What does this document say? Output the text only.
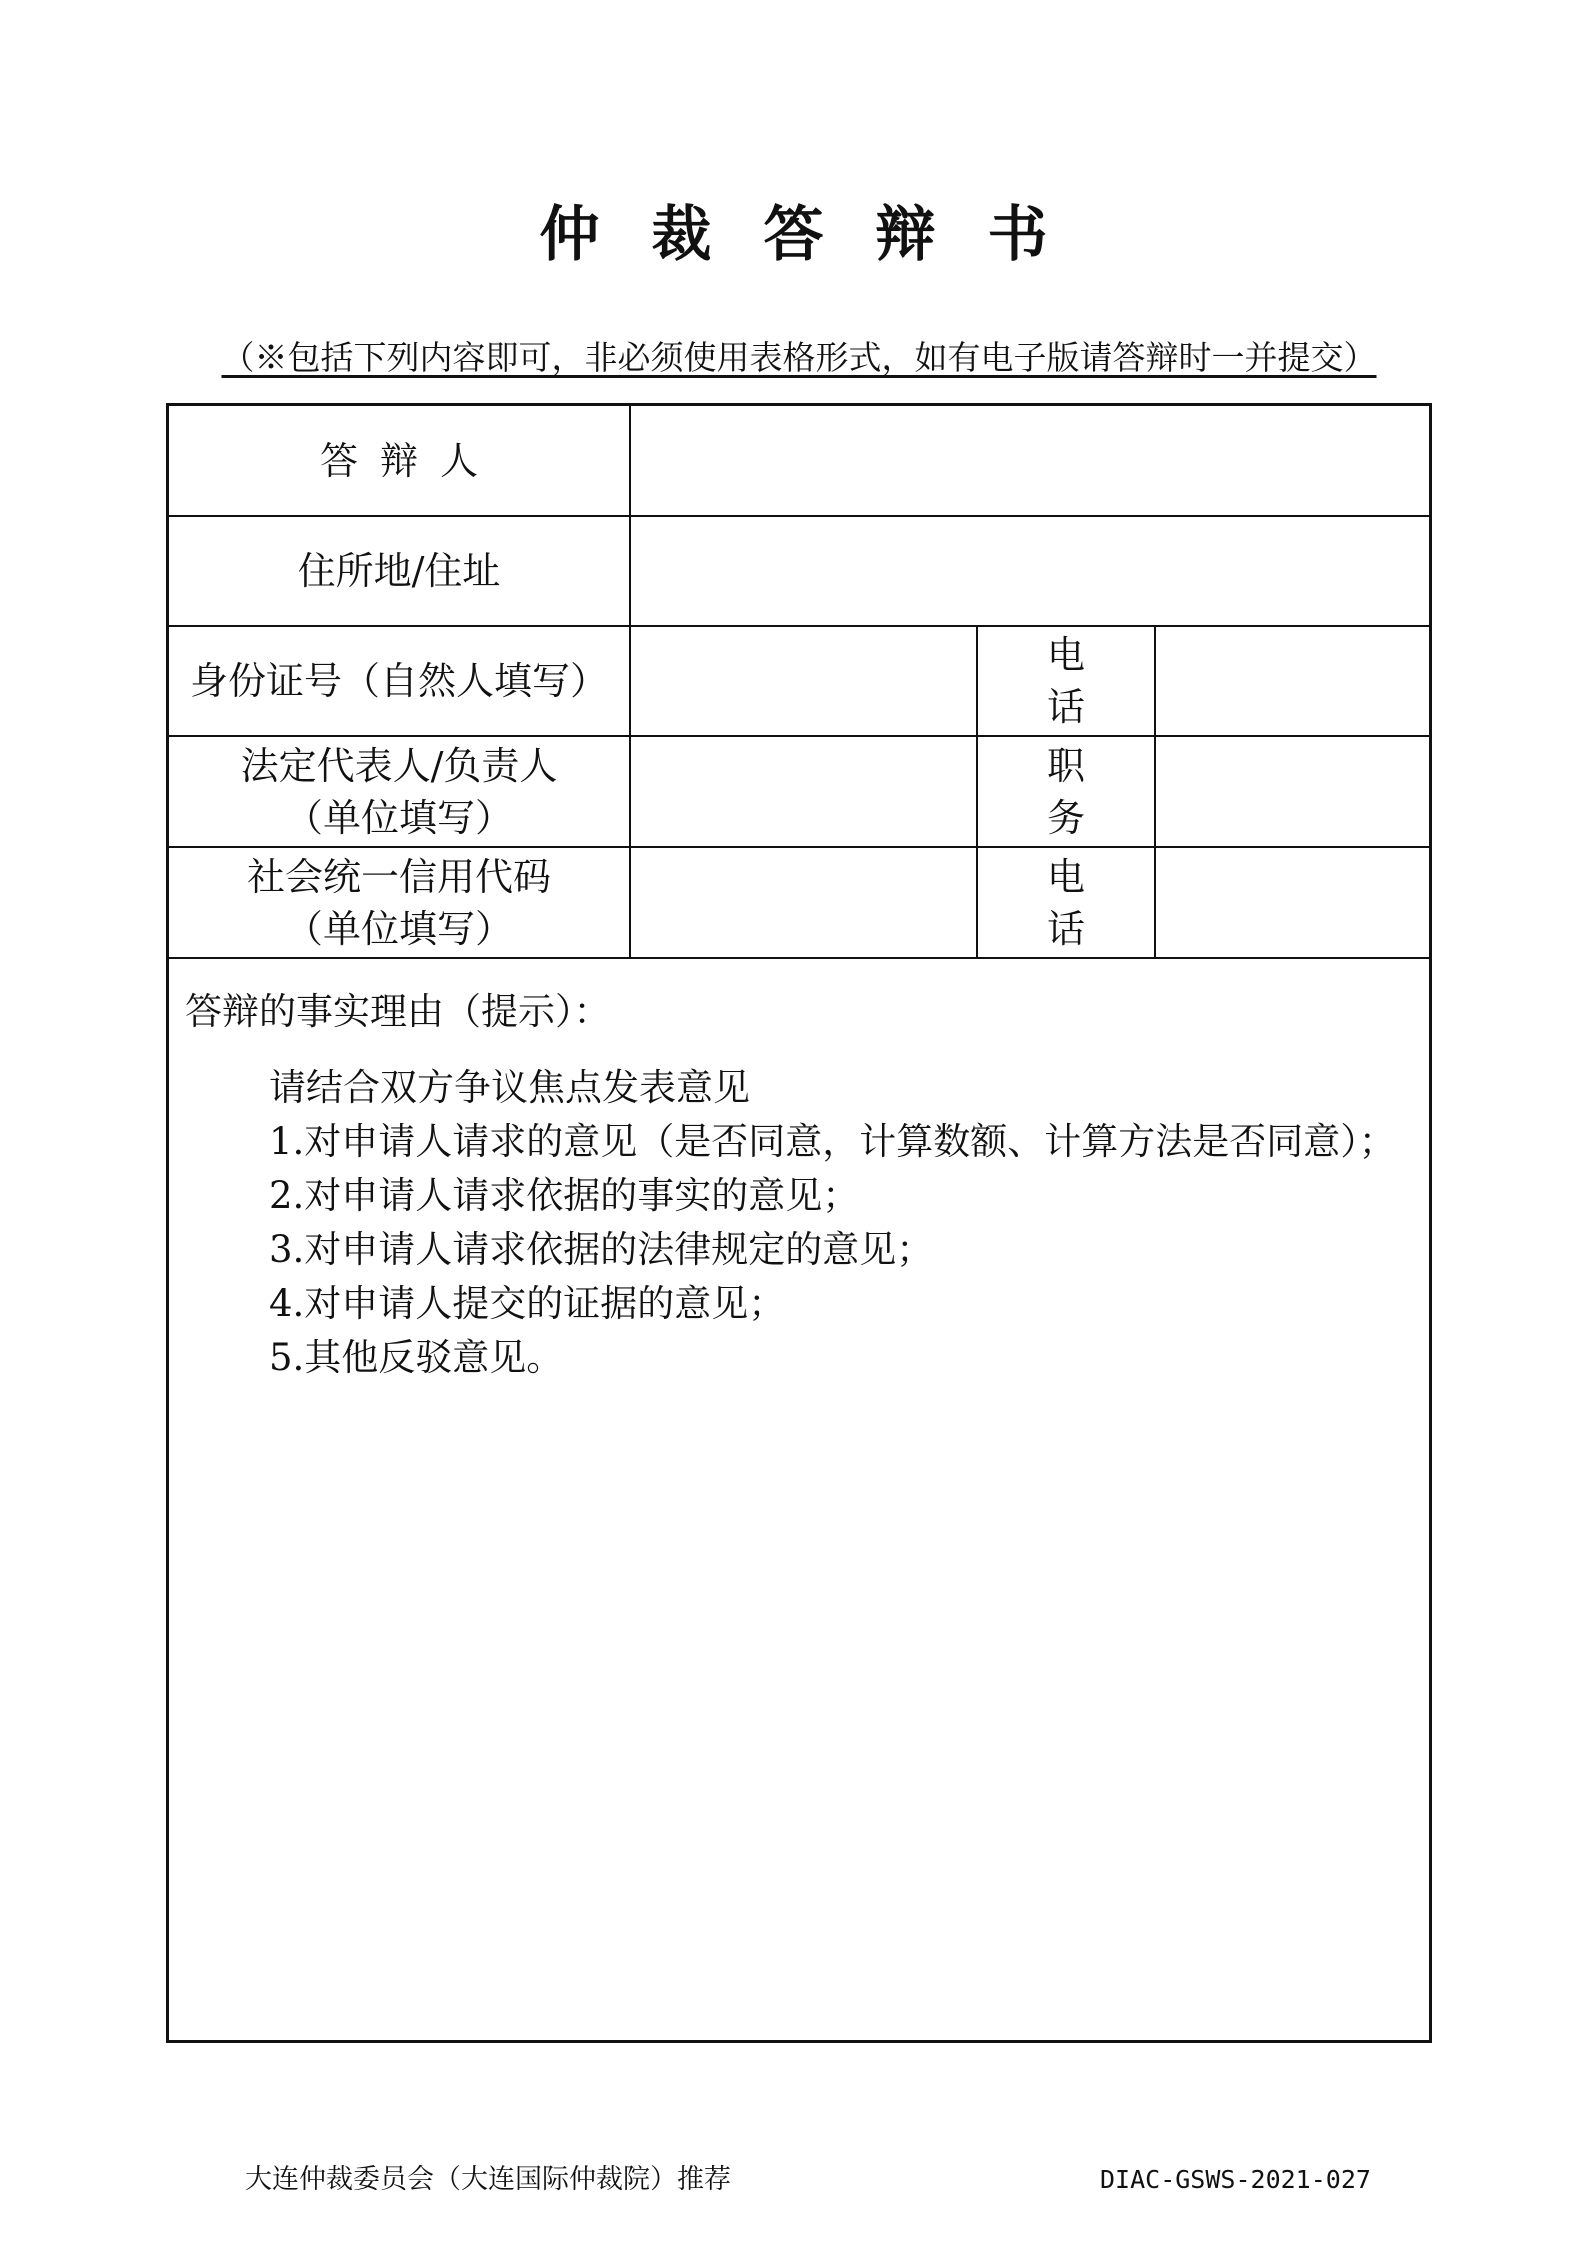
仲裁答辩书
（※包括下列内容即可，非必须使用表格形式，如有电子版请答辩时一并提交）
答辩人
住所地/住址
身份证号（自然人填写）
电话
法定代表人/负责人
（单位填写）
职务
社会统一信用代码
（单位填写）
电话
答辩的事实理由（提示）：

请结合双方争议焦点发表意见

1.对申请人请求的意见（是否同意，计算数额、计算方法是否同意）；

2.对申请人请求依据的事实的意见；

3.对申请人请求依据的法律规定的意见；

4.对申请人提交的证据的意见；

5.其他反驳意见。

大连仲裁委员会（大连国际仲裁院）推荐	DIAC-GSWS-2021-027
